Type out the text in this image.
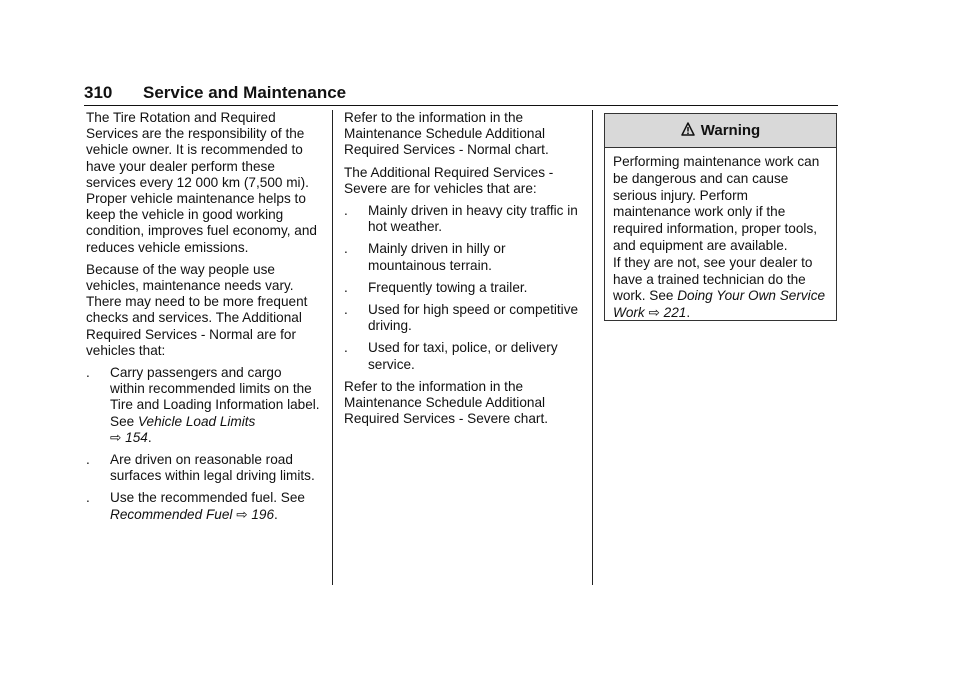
310 Service and Maintenance

The Tire Rotation and Required Services are the responsibility of the vehicle owner. It is recommended to have your dealer perform these services every 12 000 km (7,500 mi). Proper vehicle maintenance helps to keep the vehicle in good working condition, improves fuel economy, and reduces vehicle emissions.

Because of the way people use vehicles, maintenance needs vary. There may need to be more frequent checks and services. The Additional Required Services - Normal are for vehicles that:

. Carry passengers and cargo within recommended limits on the Tire and Loading Information label. See Vehicle Load Limits
⇨ 154.
. Are driven on reasonable road surfaces within legal driving limits.
. Use the recommended fuel. See
Recommended Fuel ⇨ 196.

Refer to the information in the Maintenance Schedule Additional Required Services - Normal chart.

The Additional Required Services - Severe are for vehicles that are:

. Mainly driven in heavy city traffic in hot weather.
. Mainly driven in hilly or mountainous terrain.
. Frequently towing a trailer.
. Used for high speed or competitive driving.
. Used for taxi, police, or delivery service.

Refer to the information in the Maintenance Schedule Additional Required Services - Severe chart.

Warning

Performing maintenance work can be dangerous and can cause serious injury. Perform maintenance work only if the required information, proper tools, and equipment are available.

If they are not, see your dealer to have a trained technician do the work. See Doing Your Own Service Work ⇨ 221.
